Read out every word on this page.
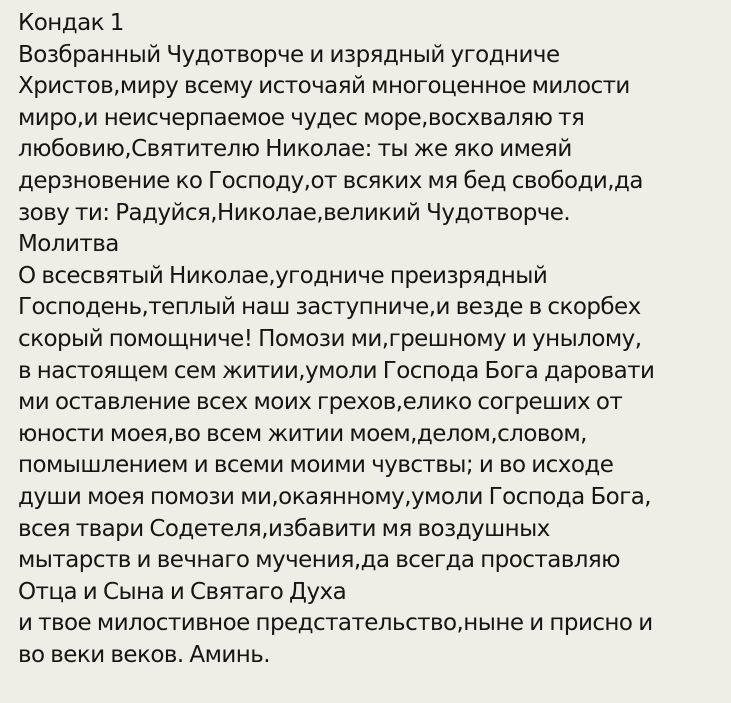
Кондак 1
Возбранный Чудотворче и изрядный угодниче
Христов,миру всему источаяй многоценное милости
миро,и неисчерпаемое чудес море,восхваляю тя
любовию,Святителю Николае: ты же яко имеяй
дерзновение ко Господу,от всяких мя бед свободи,да
зову ти: Радуйся,Николае,великий Чудотворче.
Молитва
О всесвятый Николае,угодниче преизрядный
Господень,теплый наш заступниче,и везде в скорбех
скорый помощниче! Помози ми,грешному и унылому,
в настоящем сем житии,умоли Господа Бога даровати
ми оставление всех моих грехов,елико согреших от
юности моея,во всем житии моем,делом,словом,
помышлением и всеми моими чувствы; и во исходе
души моея помози ми,окаянному,умоли Господа Бога,
всея твари Содетеля,избавити мя воздушных
мытарств и вечнаго мучения,да всегда проставляю
Отца и Сына и Святаго Духа
и твое милостивное предстательство,ныне и присно и
во веки веков. Аминь.
